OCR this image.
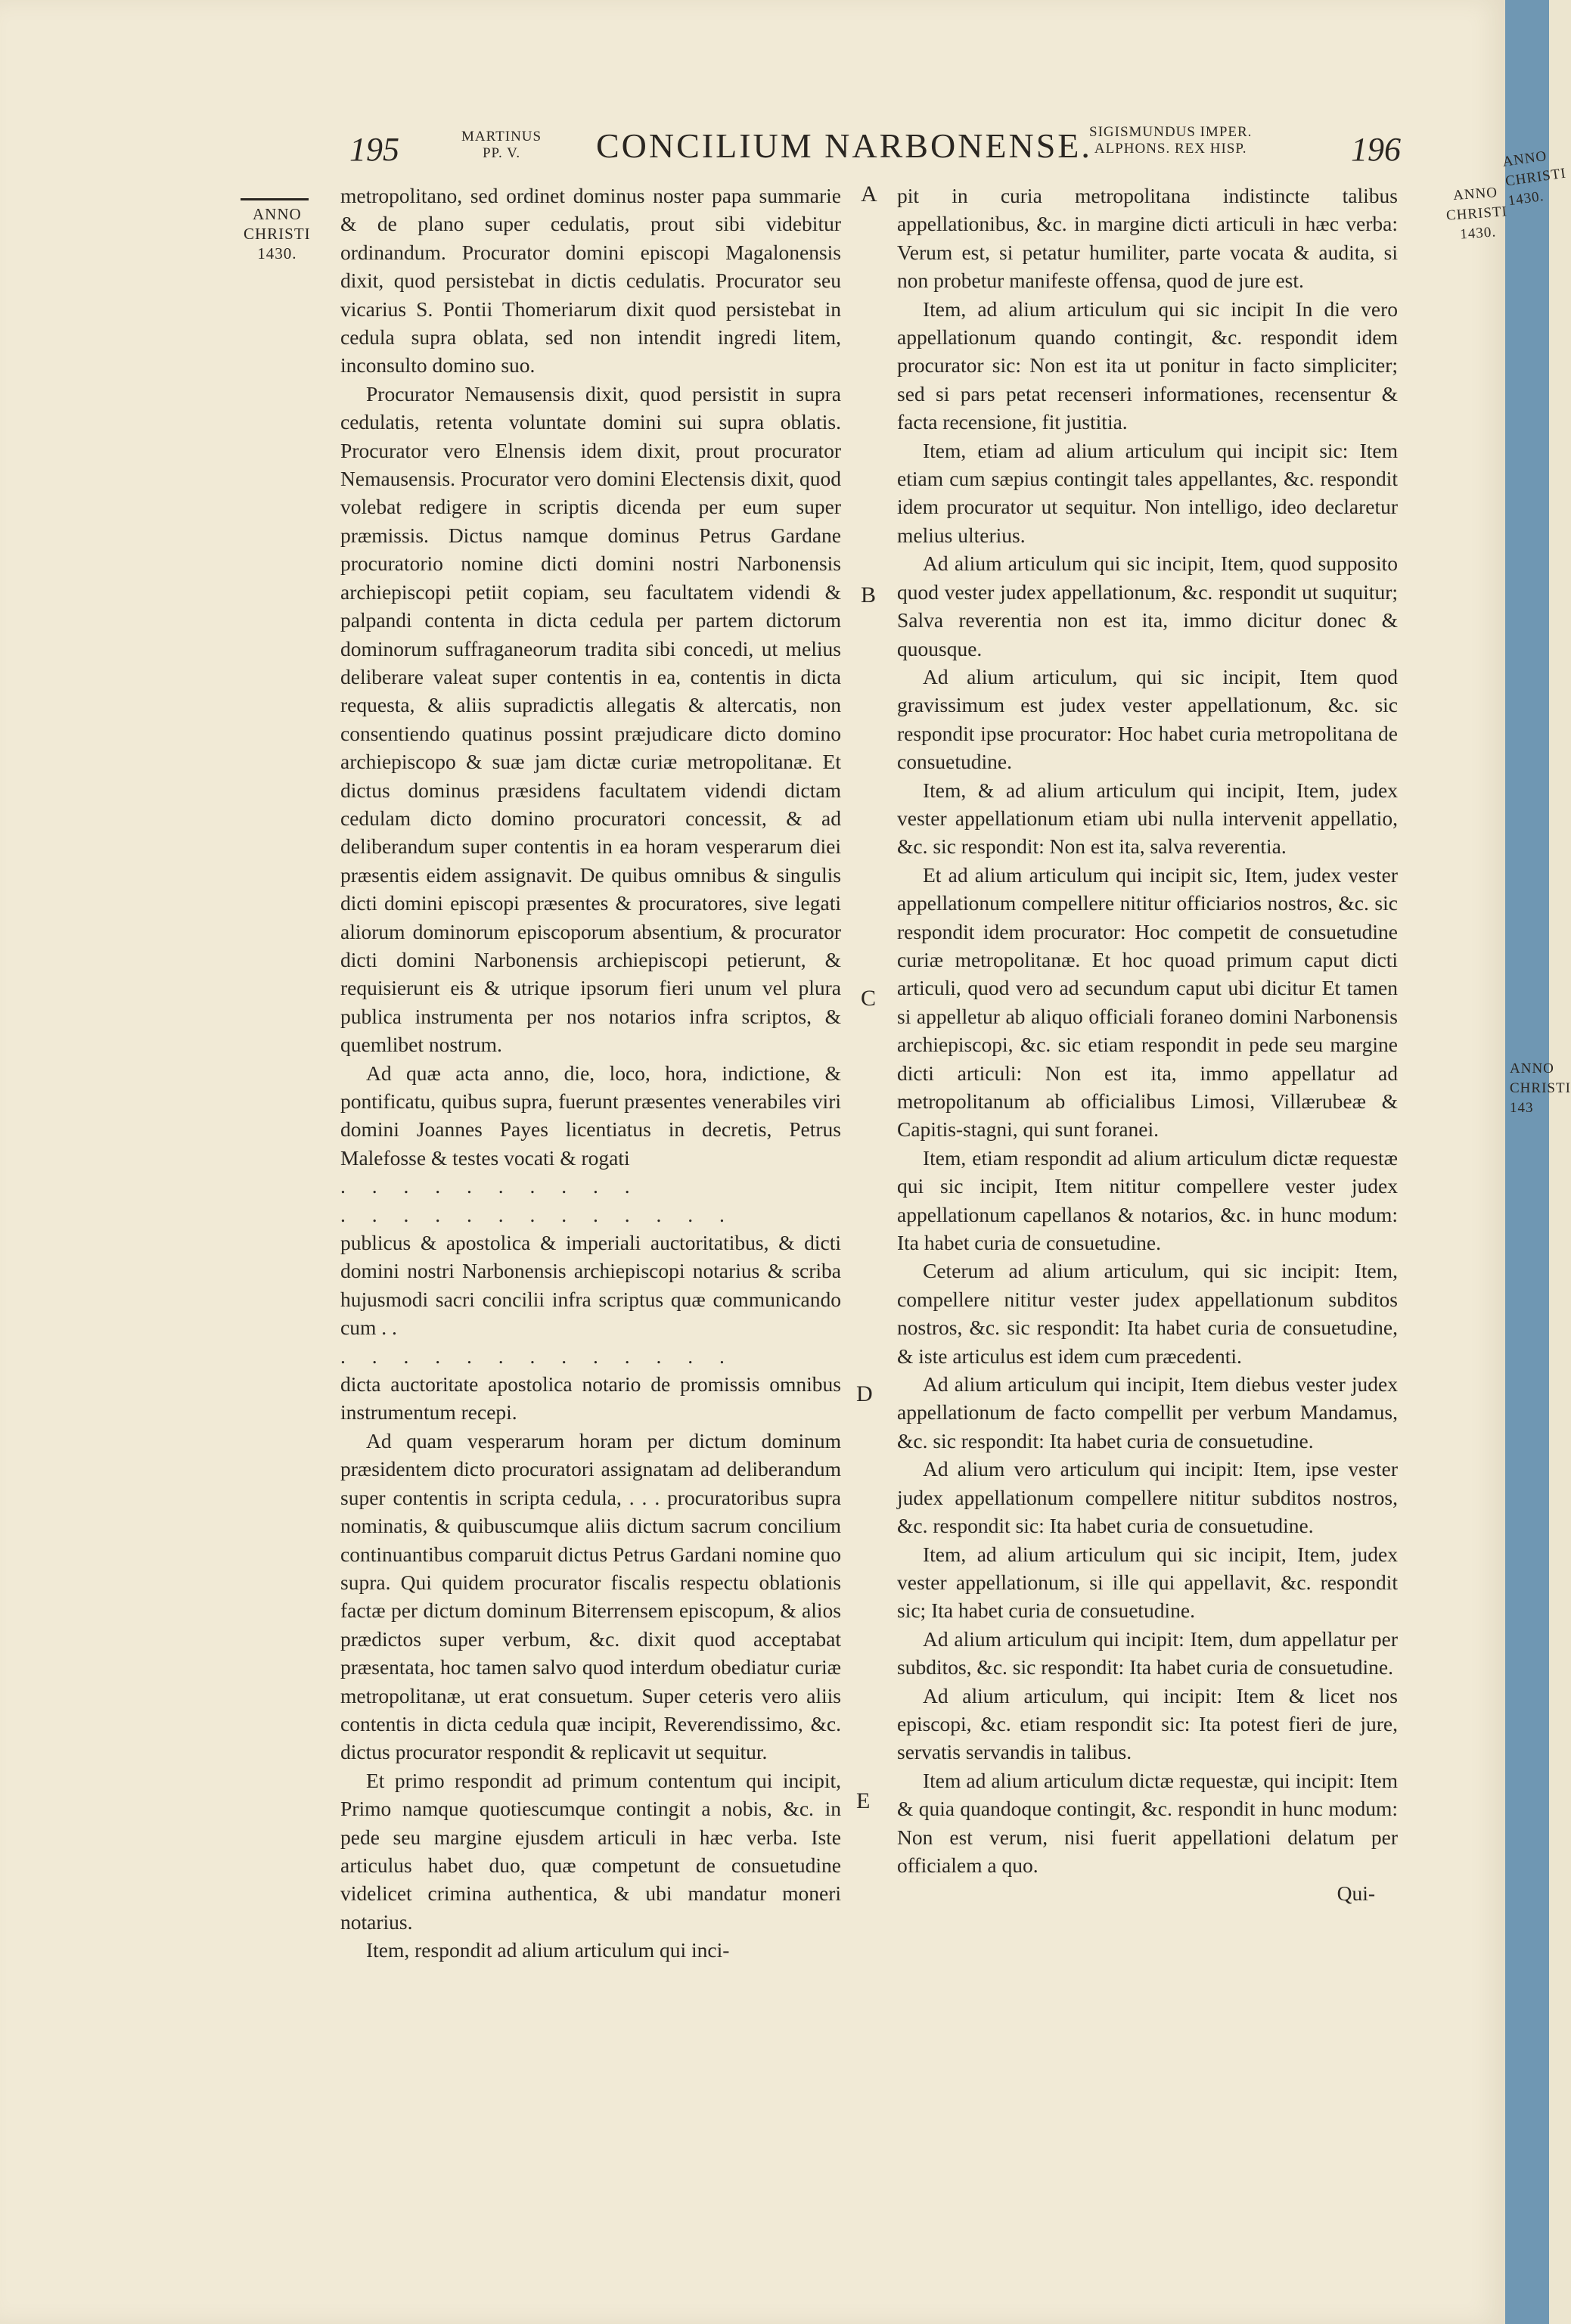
195	MARTINUS
PP. V.	CONCILIUM NARBONENSE.
SIGISMUNDUS IMPER.
ALPHONS. REX HISP.	196
ANNO
CHRISTI
1430.
ANNO
CHRISTI
1430.
ANNO
CHRISTI
1430.
ANNO
CHRISTI
143
A
B
C
D
E

metropolitano, sed ordinet dominus noster papa summarie & de plano super cedulatis, prout sibi videbitur ordinandum. Procurator domini episcopi Magalonensis dixit, quod persistebat in dictis cedulatis. Procurator seu vicarius S. Pontii Thomeriarum dixit quod persistebat in cedula supra oblata, sed non intendit ingredi litem, inconsulto domino suo.

Procurator Nemausensis dixit, quod persistit in supra cedulatis, retenta voluntate domini sui supra oblatis. Procurator vero Elnensis idem dixit, prout procurator Nemausensis. Procurator vero domini Electensis dixit, quod volebat redigere in scriptis dicenda per eum super præmissis. Dictus namque dominus Petrus Gardane procuratorio nomine dicti domini nostri Narbonensis archiepiscopi petiit copiam, seu facultatem videndi & palpandi contenta in dicta cedula per partem dictorum dominorum suffraganeorum tradita sibi concedi, ut melius deliberare valeat super contentis in ea, contentis in dicta requesta, & aliis supradictis allegatis & altercatis, non consentiendo quatinus possint præjudicare dicto domino archiepiscopo & suæ jam dictæ curiæ metropolitanæ. Et dictus dominus præsidens facultatem videndi dictam cedulam dicto domino procuratori concessit, & ad deliberandum super contentis in ea horam vesperarum diei præsentis eidem assignavit. De quibus omnibus & singulis dicti domini episcopi præsentes & procuratores, sive legati aliorum dominorum episcoporum absentium, & procurator dicti domini Narbonensis archiepiscopi petierunt, & requisierunt eis & utrique ipsorum fieri unum vel plura publica instrumenta per nos notarios infra scriptos, & quemlibet nostrum.

Ad quæ acta anno, die, loco, hora, indictione, & pontificatu, quibus supra, fuerunt præsentes venerabiles viri domini Joannes Payes licentiatus in decretis, Petrus Malefosse & testes vocati & rogati

. . . . . . . . . .

. . . . . . . . . . . . .

publicus & apostolica & imperiali auctoritatibus, & dicti domini nostri Narbonensis archiepiscopi notarius & scriba hujusmodi sacri concilii infra scriptus quæ communicando cum . .

. . . . . . . . . . . . .

dicta auctoritate apostolica notario de promissis omnibus instrumentum recepi.

Ad quam vesperarum horam per dictum dominum præsidentem dicto procuratori assignatam ad deliberandum super contentis in scripta cedula, . . . procuratoribus supra nominatis, & quibuscumque aliis dictum sacrum concilium continuantibus comparuit dictus Petrus Gardani nomine quo supra. Qui quidem procurator fiscalis respectu oblationis factæ per dictum dominum Biterrensem episcopum, & alios prædictos super verbum, &c. dixit quod acceptabat præsentata, hoc tamen salvo quod interdum obediatur curiæ metropolitanæ, ut erat consuetum. Super ceteris vero aliis contentis in dicta cedula quæ incipit, Reverendissimo, &c. dictus procurator respondit & replicavit ut sequitur.

Et primo respondit ad primum contentum qui incipit, Primo namque quotiescumque contingit a nobis, &c. in pede seu margine ejusdem articuli in hæc verba. Iste articulus habet duo, quæ competunt de consuetudine videlicet crimina authentica, & ubi mandatur moneri notarius.

Item, respondit ad alium articulum qui inci-

pit in curia metropolitana indistincte talibus appellationibus, &c. in margine dicti articuli in hæc verba: Verum est, si petatur humiliter, parte vocata & audita, si non probetur manifeste offensa, quod de jure est.

Item, ad alium articulum qui sic incipit In die vero appellationum quando contingit, &c. respondit idem procurator sic: Non est ita ut ponitur in facto simpliciter; sed si pars petat recenseri informationes, recensentur & facta recensione, fit justitia.

Item, etiam ad alium articulum qui incipit sic: Item etiam cum sæpius contingit tales appellantes, &c. respondit idem procurator ut sequitur. Non intelligo, ideo declaretur melius ulterius.

Ad alium articulum qui sic incipit, Item, quod supposito quod vester judex appellationum, &c. respondit ut suquitur; Salva reverentia non est ita, immo dicitur donec & quousque.

Ad alium articulum, qui sic incipit, Item quod gravissimum est judex vester appellationum, &c. sic respondit ipse procurator: Hoc habet curia metropolitana de consuetudine.

Item, & ad alium articulum qui incipit, Item, judex vester appellationum etiam ubi nulla intervenit appellatio, &c. sic respondit: Non est ita, salva reverentia.

Et ad alium articulum qui incipit sic, Item, judex vester appellationum compellere nititur officiarios nostros, &c. sic respondit idem procurator: Hoc competit de consuetudine curiæ metropolitanæ. Et hoc quoad primum caput dicti articuli, quod vero ad secundum caput ubi dicitur Et tamen si appelletur ab aliquo officiali foraneo domini Narbonensis archiepiscopi, &c. sic etiam respondit in pede seu margine dicti articuli: Non est ita, immo appellatur ad metropolitanum ab officialibus Limosi, Villærubeæ & Capitis-stagni, qui sunt foranei.

Item, etiam respondit ad alium articulum dictæ requestæ qui sic incipit, Item nititur compellere vester judex appellationum capellanos & notarios, &c. in hunc modum: Ita habet curia de consuetudine.

Ceterum ad alium articulum, qui sic incipit: Item, compellere nititur vester judex appellationum subditos nostros, &c. sic respondit: Ita habet curia de consuetudine, & iste articulus est idem cum præcedenti.

Ad alium articulum qui incipit, Item diebus vester judex appellationum de facto compellit per verbum Mandamus, &c. sic respondit: Ita habet curia de consuetudine.

Ad alium vero articulum qui incipit: Item, ipse vester judex appellationum compellere nititur subditos nostros, &c. respondit sic: Ita habet curia de consuetudine.

Item, ad alium articulum qui sic incipit, Item, judex vester appellationum, si ille qui appellavit, &c. respondit sic; Ita habet curia de consuetudine.

Ad alium articulum qui incipit: Item, dum appellatur per subditos, &c. sic respondit: Ita habet curia de consuetudine.

Ad alium articulum, qui incipit: Item & licet nos episcopi, &c. etiam respondit sic: Ita potest fieri de jure, servatis servandis in talibus.

Item ad alium articulum dictæ requestæ, qui incipit: Item & quia quandoque contingit, &c. respondit in hunc modum: Non est verum, nisi fuerit appellationi delatum per officialem a quo.

Qui-
